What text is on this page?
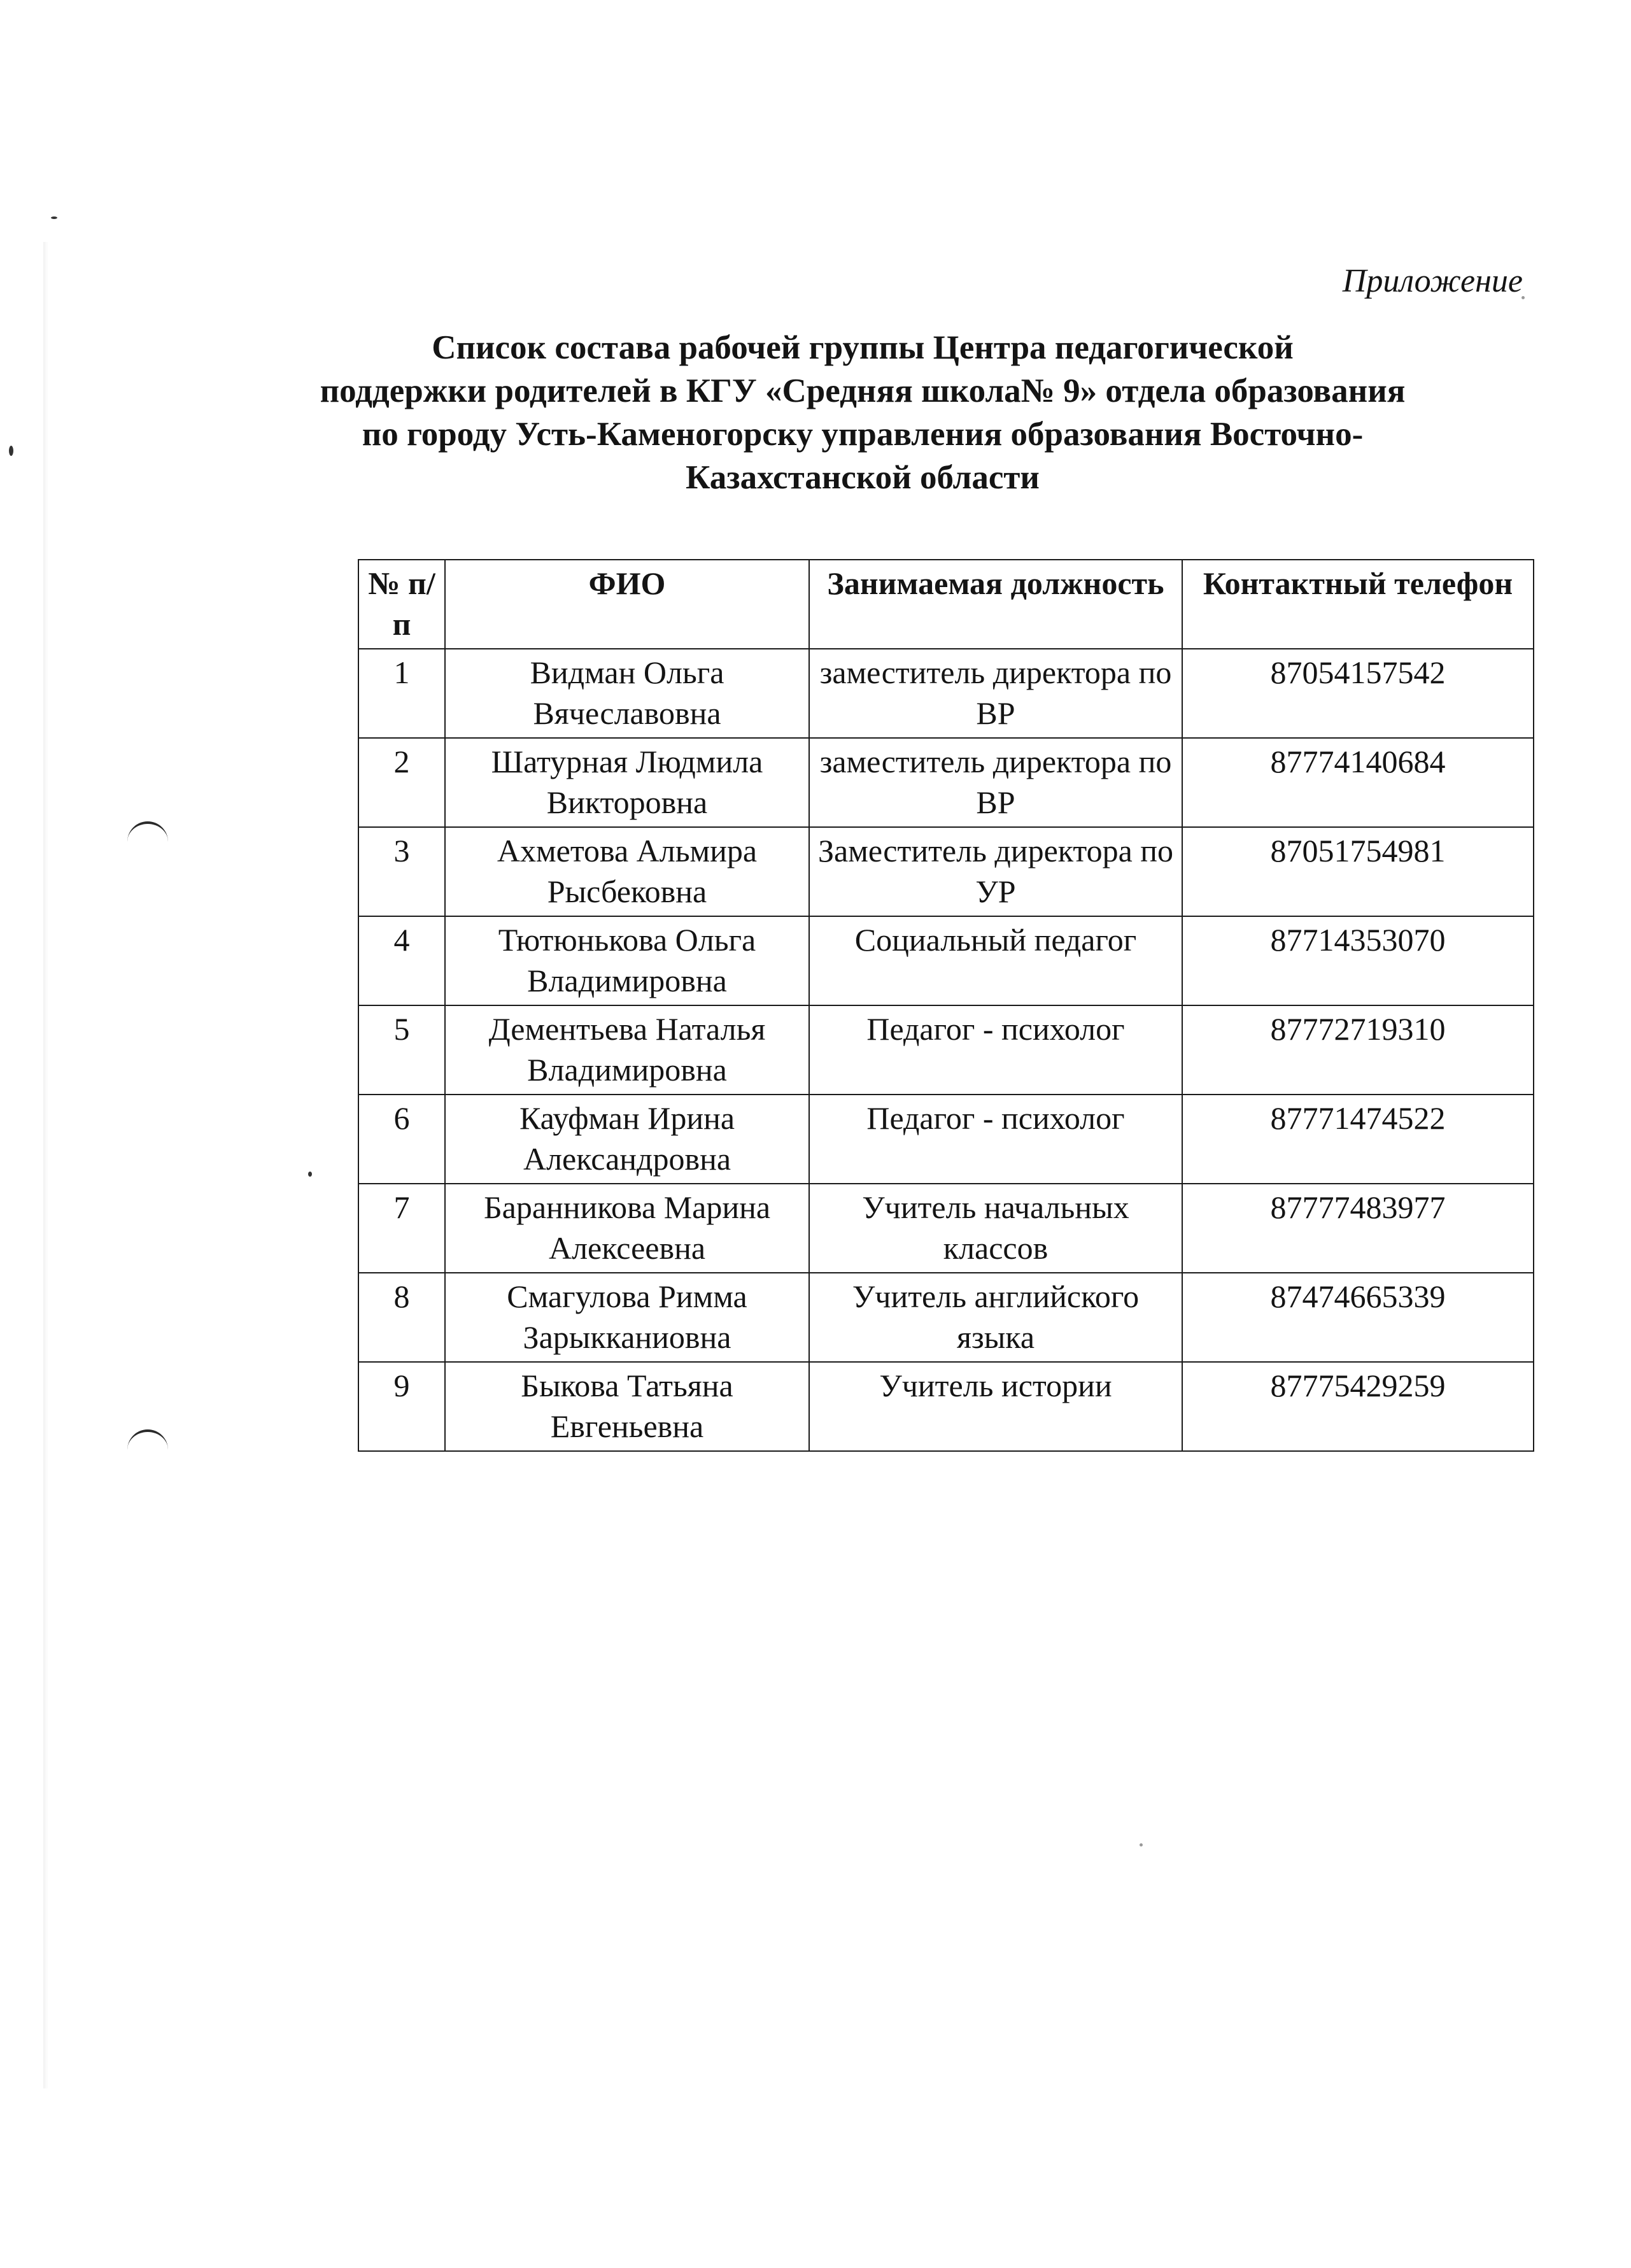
Приложение
Список состава рабочей группы Центра педагогической
поддержки родителей в КГУ «Средняя школа№ 9» отдела образования
по городу Усть-Каменогорску управления образования Восточно-
Казахстанской области
№ п/п	ФИО	Занимаемая должность	Контактный телефон
1	Видман Ольга Вячеславовна	заместитель директора по ВР	87054157542
2	Шатурная Людмила Викторовна	заместитель директора по ВР	87774140684
3	Ахметова Альмира Рысбековна	Заместитель директора по УР	87051754981
4	Тютюнькова Ольга Владимировна	Социальный педагог	87714353070
5	Дементьева Наталья Владимировна	Педагог - психолог	87772719310
6	Кауфман Ирина Александровна	Педагог - психолог	87771474522
7	Баранникова Марина Алексеевна	Учитель начальных классов	87777483977
8	Смагулова Римма Зарыкканиовна	Учитель английского языка	87474665339
9	Быкова Татьяна Евгеньевна	Учитель истории	87775429259
